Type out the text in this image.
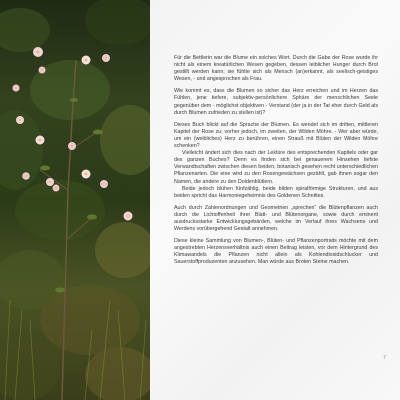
Für die Bettlerin war die Blume ein solches Wort. Durch die Gabe der Rose wurde ihr nicht als einem kreatürlichen Wesen gegeben, dessen leiblicher Hunger durch Brot gestillt werden kann; sie fühlte sich als Mensch (an)erkannt, als seelisch-geistiges Wesen, - und angesprochen als Frau.

Wie kommt es, dass die Blumen so sicher das Herz erreichen und im Herzen das Fühlen, jene tiefere, subjektiv-persönlichere Sphäre der menschlichen Seele gegenüber dem - möglichst objektiven - Verstand (der ja in der Tat eher durch Geld als durch Blumen zufrieden zu stellen ist)?

Dieses Buch blickt auf die Sprache der Blumen. Es wendet sich im dritten, mittleren Kapitel der Rose zu; vorher jedoch, im zweiten, der Wilden Möhre. - Wer aber würde, um ein (weibliches) Herz zu berühren, einen Strauß mit Blüten der Wilden Möhre schenken?

Vielleicht ändert sich dies nach der Lektüre des entsprechenden Kapitels oder gar des ganzen Buches? Denn es finden sich bei genauerem Hinsehen tiefste Verwandtschaften zwischen diesen beiden, botanisch gesehen recht unterschiedlichen Pflanzenarten. Die eine wird zu den Rosengewächsen gezählt, gab ihnen sogar den Namen, die andere zu den Doldenblütlern.

Beide jedoch blühen fünfzählig, beide bilden spiralförmige Strukturen, und aus beiden spricht das Harmoniegeheimnis des Goldenen Schnittes.

Auch durch Zahlenordnungen und Geometrien „sprechen“ die Blütenpflanzen auch durch die Lichtoffenheit ihrer Blatt- und Blütenorgane, sowie durch eminent ausdrucksstarke Entwicklungsgebärden, welche im Verlauf ihres Wachsens und Werdens vorübergehend Gestalt annehmen.

Diese kleine Sammlung von Blumen-, Blüten- und Pflanzenportraits möchte mit dem angestrebten Herzensverhältnis auch einen Beitrag leisten, vor dem Hintergrund des Klimawandels die Pflanzen nicht allein als Kohlendioxidschlucker und Sauerstoffproduzenten anzusehen. Man würde aus Broten Steine machen.

7
